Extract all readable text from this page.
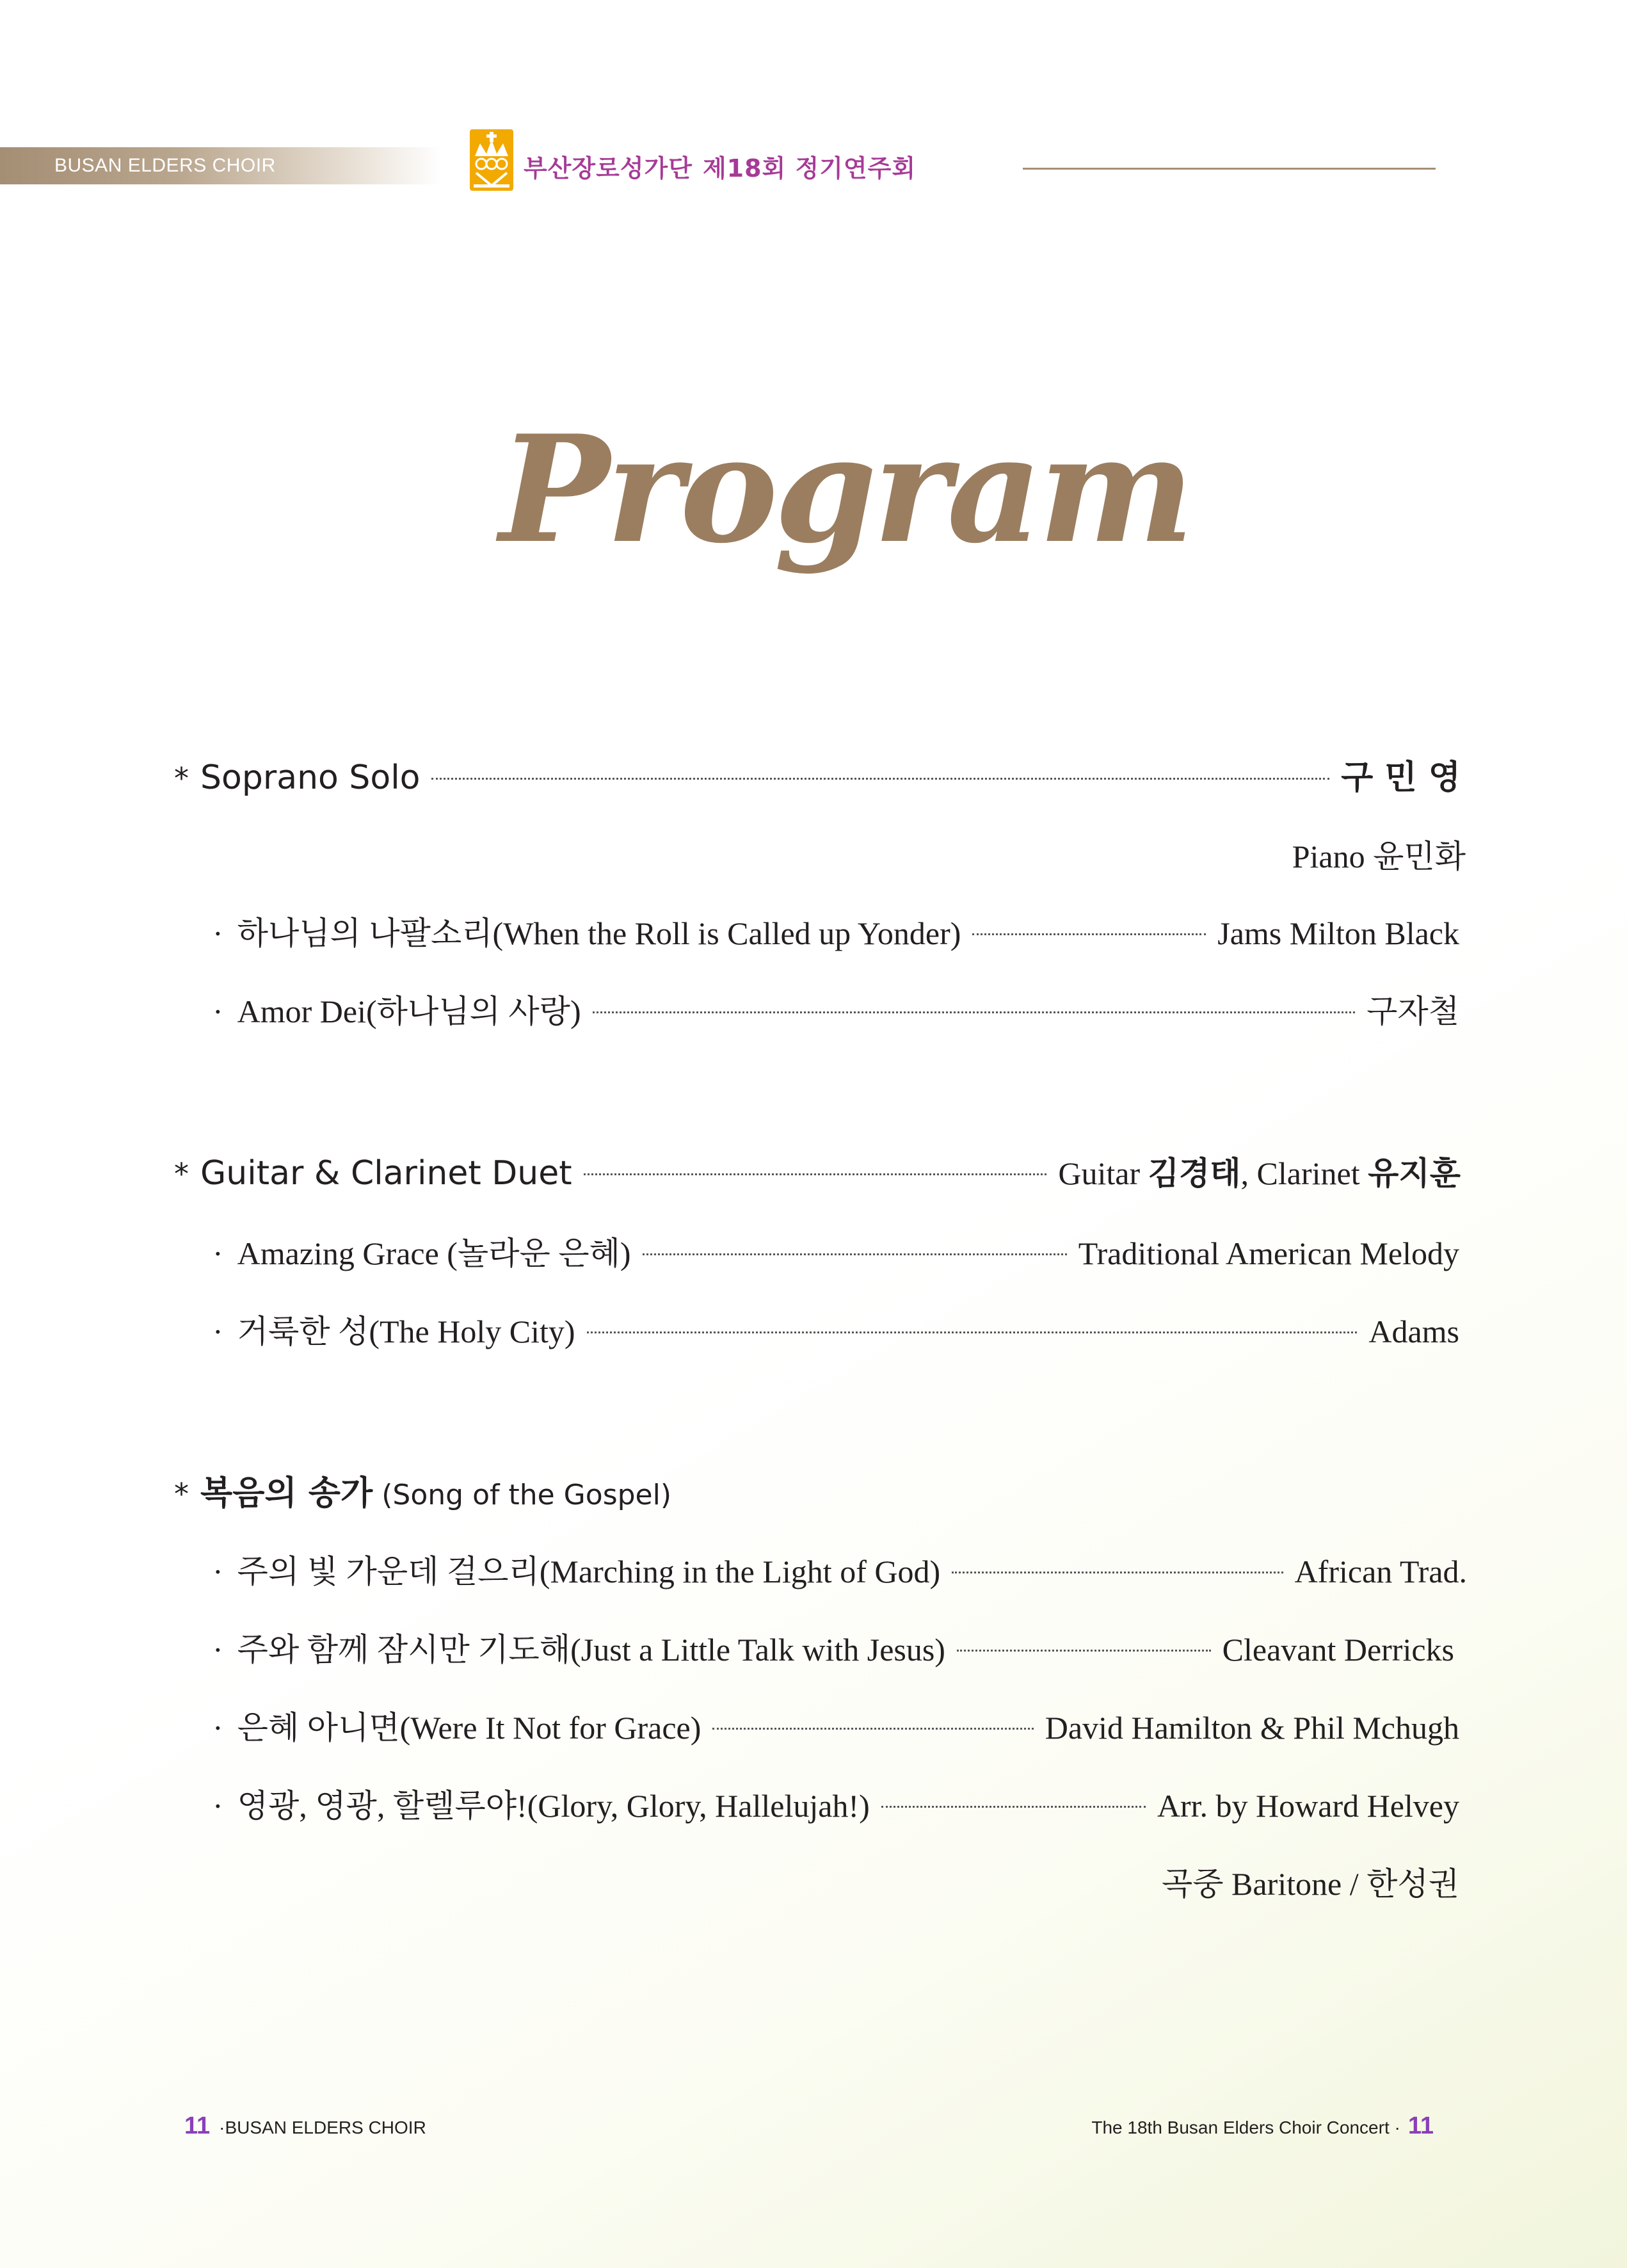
BUSAN ELDERS CHOIR	부산장로성가단 제18회 정기연주회
Program
* Soprano Solo	구 민 영
Piano 윤민화
· 하나님의 나팔소리(When the Roll is Called up Yonder)	Jams Milton Black
· Amor Dei(하나님의 사랑)	구자철
* Guitar & Clarinet Duet	Guitar 김경태, Clarinet 유지훈
· Amazing Grace (놀라운 은혜)	Traditional American Melody
· 거룩한 성(The Holy City)	Adams
* 복음의 송가 (Song of the Gospel)
· 주의 빛 가운데 걸으리(Marching in the Light of God)	African Trad.
· 주와 함께 잠시만 기도해(Just a Little Talk with Jesus)	Cleavant Derricks
· 은혜 아니면(Were It Not for Grace)	David Hamilton & Phil Mchugh
· 영광, 영광, 할렐루야!(Glory, Glory, Hallelujah!)	Arr. by Howard Helvey
곡중 Baritone / 한성권
11 ·BUSAN ELDERS CHOIR	The 18th Busan Elders Choir Concert · 11
